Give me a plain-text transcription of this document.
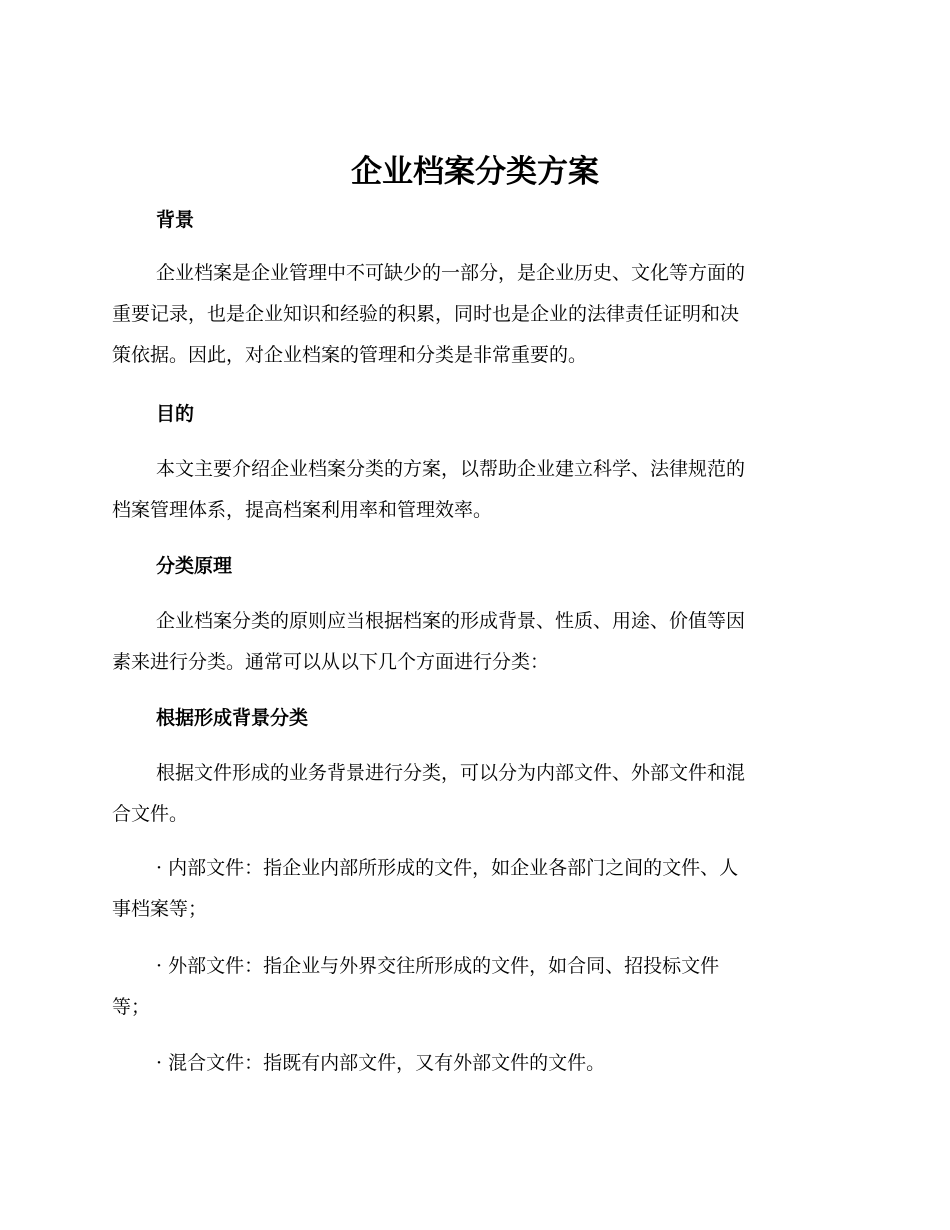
企业档案分类方案
背景

企业档案是企业管理中不可缺少的一部分，是企业历史、文化等方面的
重要记录，也是企业知识和经验的积累，同时也是企业的法律责任证明和决
策依据。因此，对企业档案的管理和分类是非常重要的。

目的

本文主要介绍企业档案分类的方案，以帮助企业建立科学、法律规范的
档案管理体系，提高档案利用率和管理效率。

分类原理

企业档案分类的原则应当根据档案的形成背景、性质、用途、价值等因
素来进行分类。通常可以从以下几个方面进行分类：

根据形成背景分类

根据文件形成的业务背景进行分类，可以分为内部文件、外部文件和混
合文件。

· 内部文件：指企业内部所形成的文件，如企业各部门之间的文件、人
事档案等；

· 外部文件：指企业与外界交往所形成的文件，如合同、招投标文件
等；

· 混合文件：指既有内部文件，又有外部文件的文件。
